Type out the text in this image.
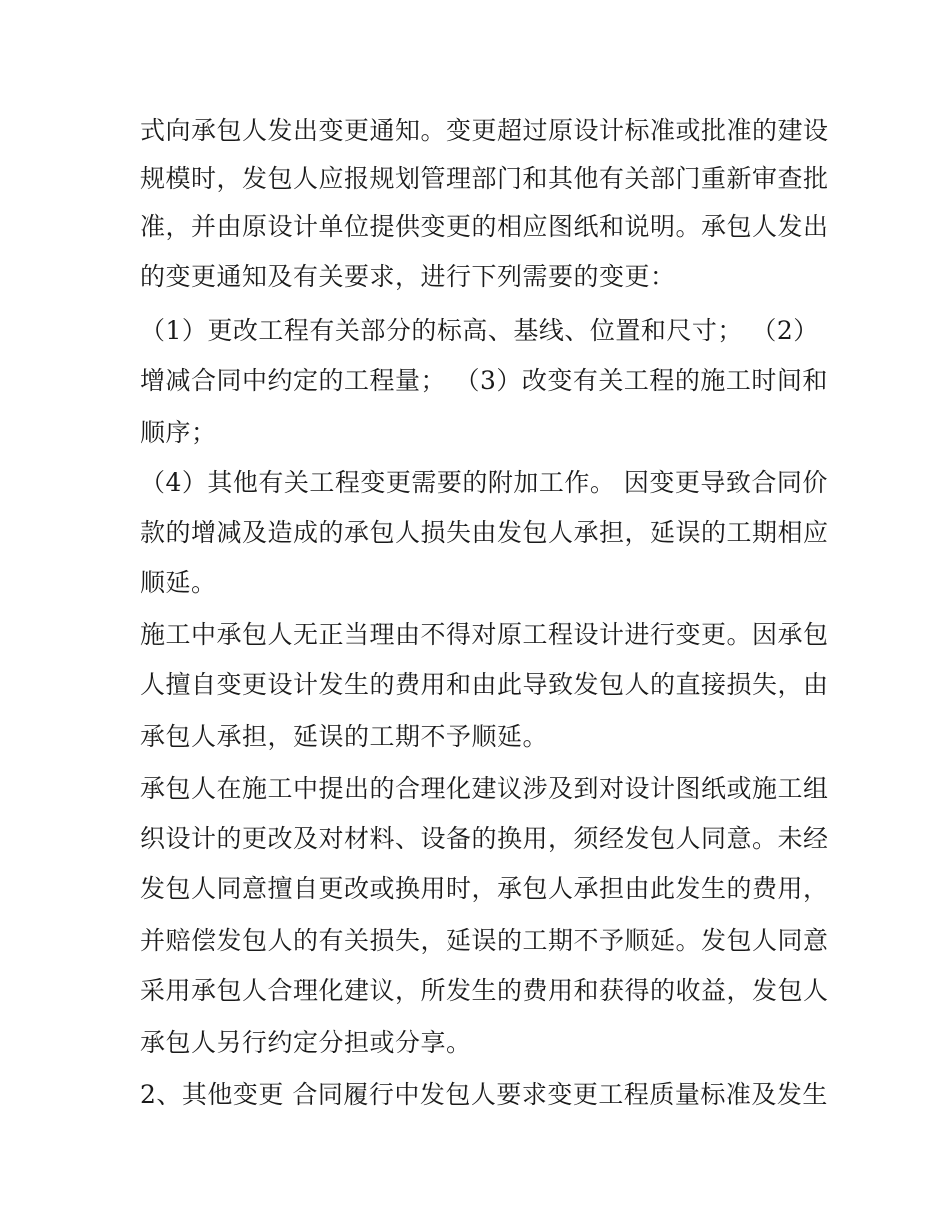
式向承包人发出变更通知。变更超过原设计标准或批准的建设
规模时，发包人应报规划管理部门和其他有关部门重新审查批
准，并由原设计单位提供变更的相应图纸和说明。承包人发出
的变更通知及有关要求，进行下列需要的变更：
（1）更改工程有关部分的标高、基线、位置和尺寸； （2）
增减合同中约定的工程量； （3）改变有关工程的施工时间和
顺序；
（4）其他有关工程变更需要的附加工作。 因变更导致合同价
款的增减及造成的承包人损失由发包人承担，延误的工期相应
顺延。
施工中承包人无正当理由不得对原工程设计进行变更。因承包
人擅自变更设计发生的费用和由此导致发包人的直接损失，由
承包人承担，延误的工期不予顺延。
承包人在施工中提出的合理化建议涉及到对设计图纸或施工组
织设计的更改及对材料、设备的换用，须经发包人同意。未经
发包人同意擅自更改或换用时，承包人承担由此发生的费用，
并赔偿发包人的有关损失，延误的工期不予顺延。发包人同意
采用承包人合理化建议，所发生的费用和获得的收益，发包人
承包人另行约定分担或分享。
2、其他变更 合同履行中发包人要求变更工程质量标准及发生
